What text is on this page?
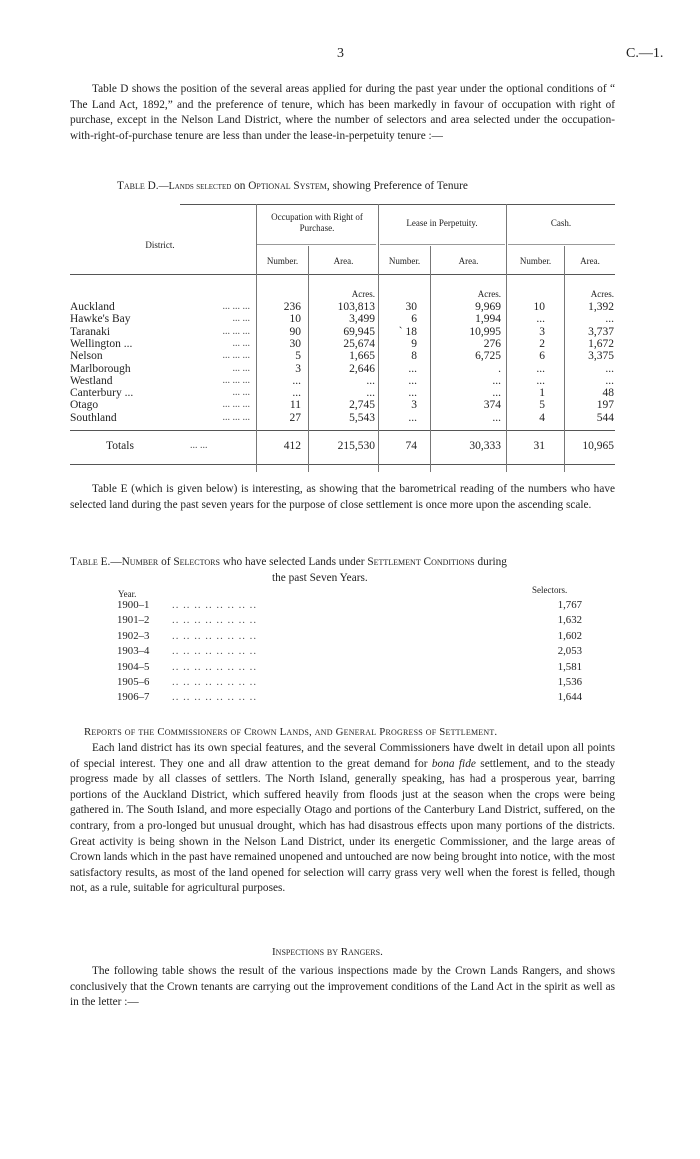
3	C.—1.
Table D shows the position of the several areas applied for during the past year under the optional conditions of “ The Land Act, 1892,” and the preference of tenure, which has been markedly in favour of occupation with right of purchase, except in the Nelson Land District, where the number of selectors and area selected under the occupation-with-right-of-purchase tenure are less than under the lease-in-perpetuity tenure :—
Table D.—Lands selected on Optional System, showing Preference of Tenure
District.
Occupation with Right of Purchase.	Lease in Perpetuity.	Cash.
Number.	Area.	Number.	Area.	Number.	Area.
Acres.	Acres.	Acres.
Auckland	... ... ...	236	103,813	30	9,969	10	1,392
Hawke's Bay	... ...	10	3,499	6	1,994	...	...
Taranaki	... ... ...	90	69,945	` 18	10,995	3	3,737
Wellington ...	... ...	30	25,674	9	276	2	1,672
Nelson	... ... ...	5	1,665	8	6,725	6	3,375
Marlborough	... ...	3	2,646	...	.	...	...
Westland	... ... ...	...	...	...	...	...	...
Canterbury ...	... ...	...	...	...	...	1	48
Otago	... ... ...	11	2,745	3	374	5	197
Southland	... ... ...	27	5,543	...	...	4	544
Totals	... ...	412	215,530	74	30,333	31	10,965
Table E (which is given below) is interesting, as showing that the barometrical reading of the numbers who have selected land during the past seven years for the purpose of close settlement is once more upon the ascending scale.
Table E.—Number of Selectors who have selected Lands under Settlement Conditions during
the past Seven Years.
Year.	Selectors.
1900–1 .. .. .. .. .. .. .. ..	1,767
1901–2 .. .. .. .. .. .. .. ..	1,632
1902–3 .. .. .. .. .. .. .. ..	1,602
1903–4 .. .. .. .. .. .. .. ..	2,053
1904–5 .. .. .. .. .. .. .. ..	1,581
1905–6 .. .. .. .. .. .. .. ..	1,536
1906–7 .. .. .. .. .. .. .. ..	1,644
Reports of the Commissioners of Crown Lands, and General Progress of Settlement.
Each land district has its own special features, and the several Commissioners have dwelt in detail upon all points of special interest. They one and all draw attention to the great demand for bona fide settlement, and to the steady progress made by all classes of settlers. The North Island, generally speaking, has had a prosperous year, barring portions of the Auckland District, which suffered heavily from floods just at the season when the crops were being gathered in. The South Island, and more especially Otago and portions of the Canterbury Land District, suffered, on the contrary, from a pro-longed but unusual drought, which has had disastrous effects upon many portions of the districts. Great activity is being shown in the Nelson Land District, under its energetic Commissioner, and the large areas of Crown lands which in the past have remained unopened and untouched are now being brought into notice, with the most satisfactory results, as most of the land opened for selection will carry grass very well when the forest is felled, though not, as a rule, suitable for agricultural purposes.
Inspections by Rangers.
The following table shows the result of the various inspections made by the Crown Lands Rangers, and shows conclusively that the Crown tenants are carrying out the improvement conditions of the Land Act in the spirit as well as in the letter :—
